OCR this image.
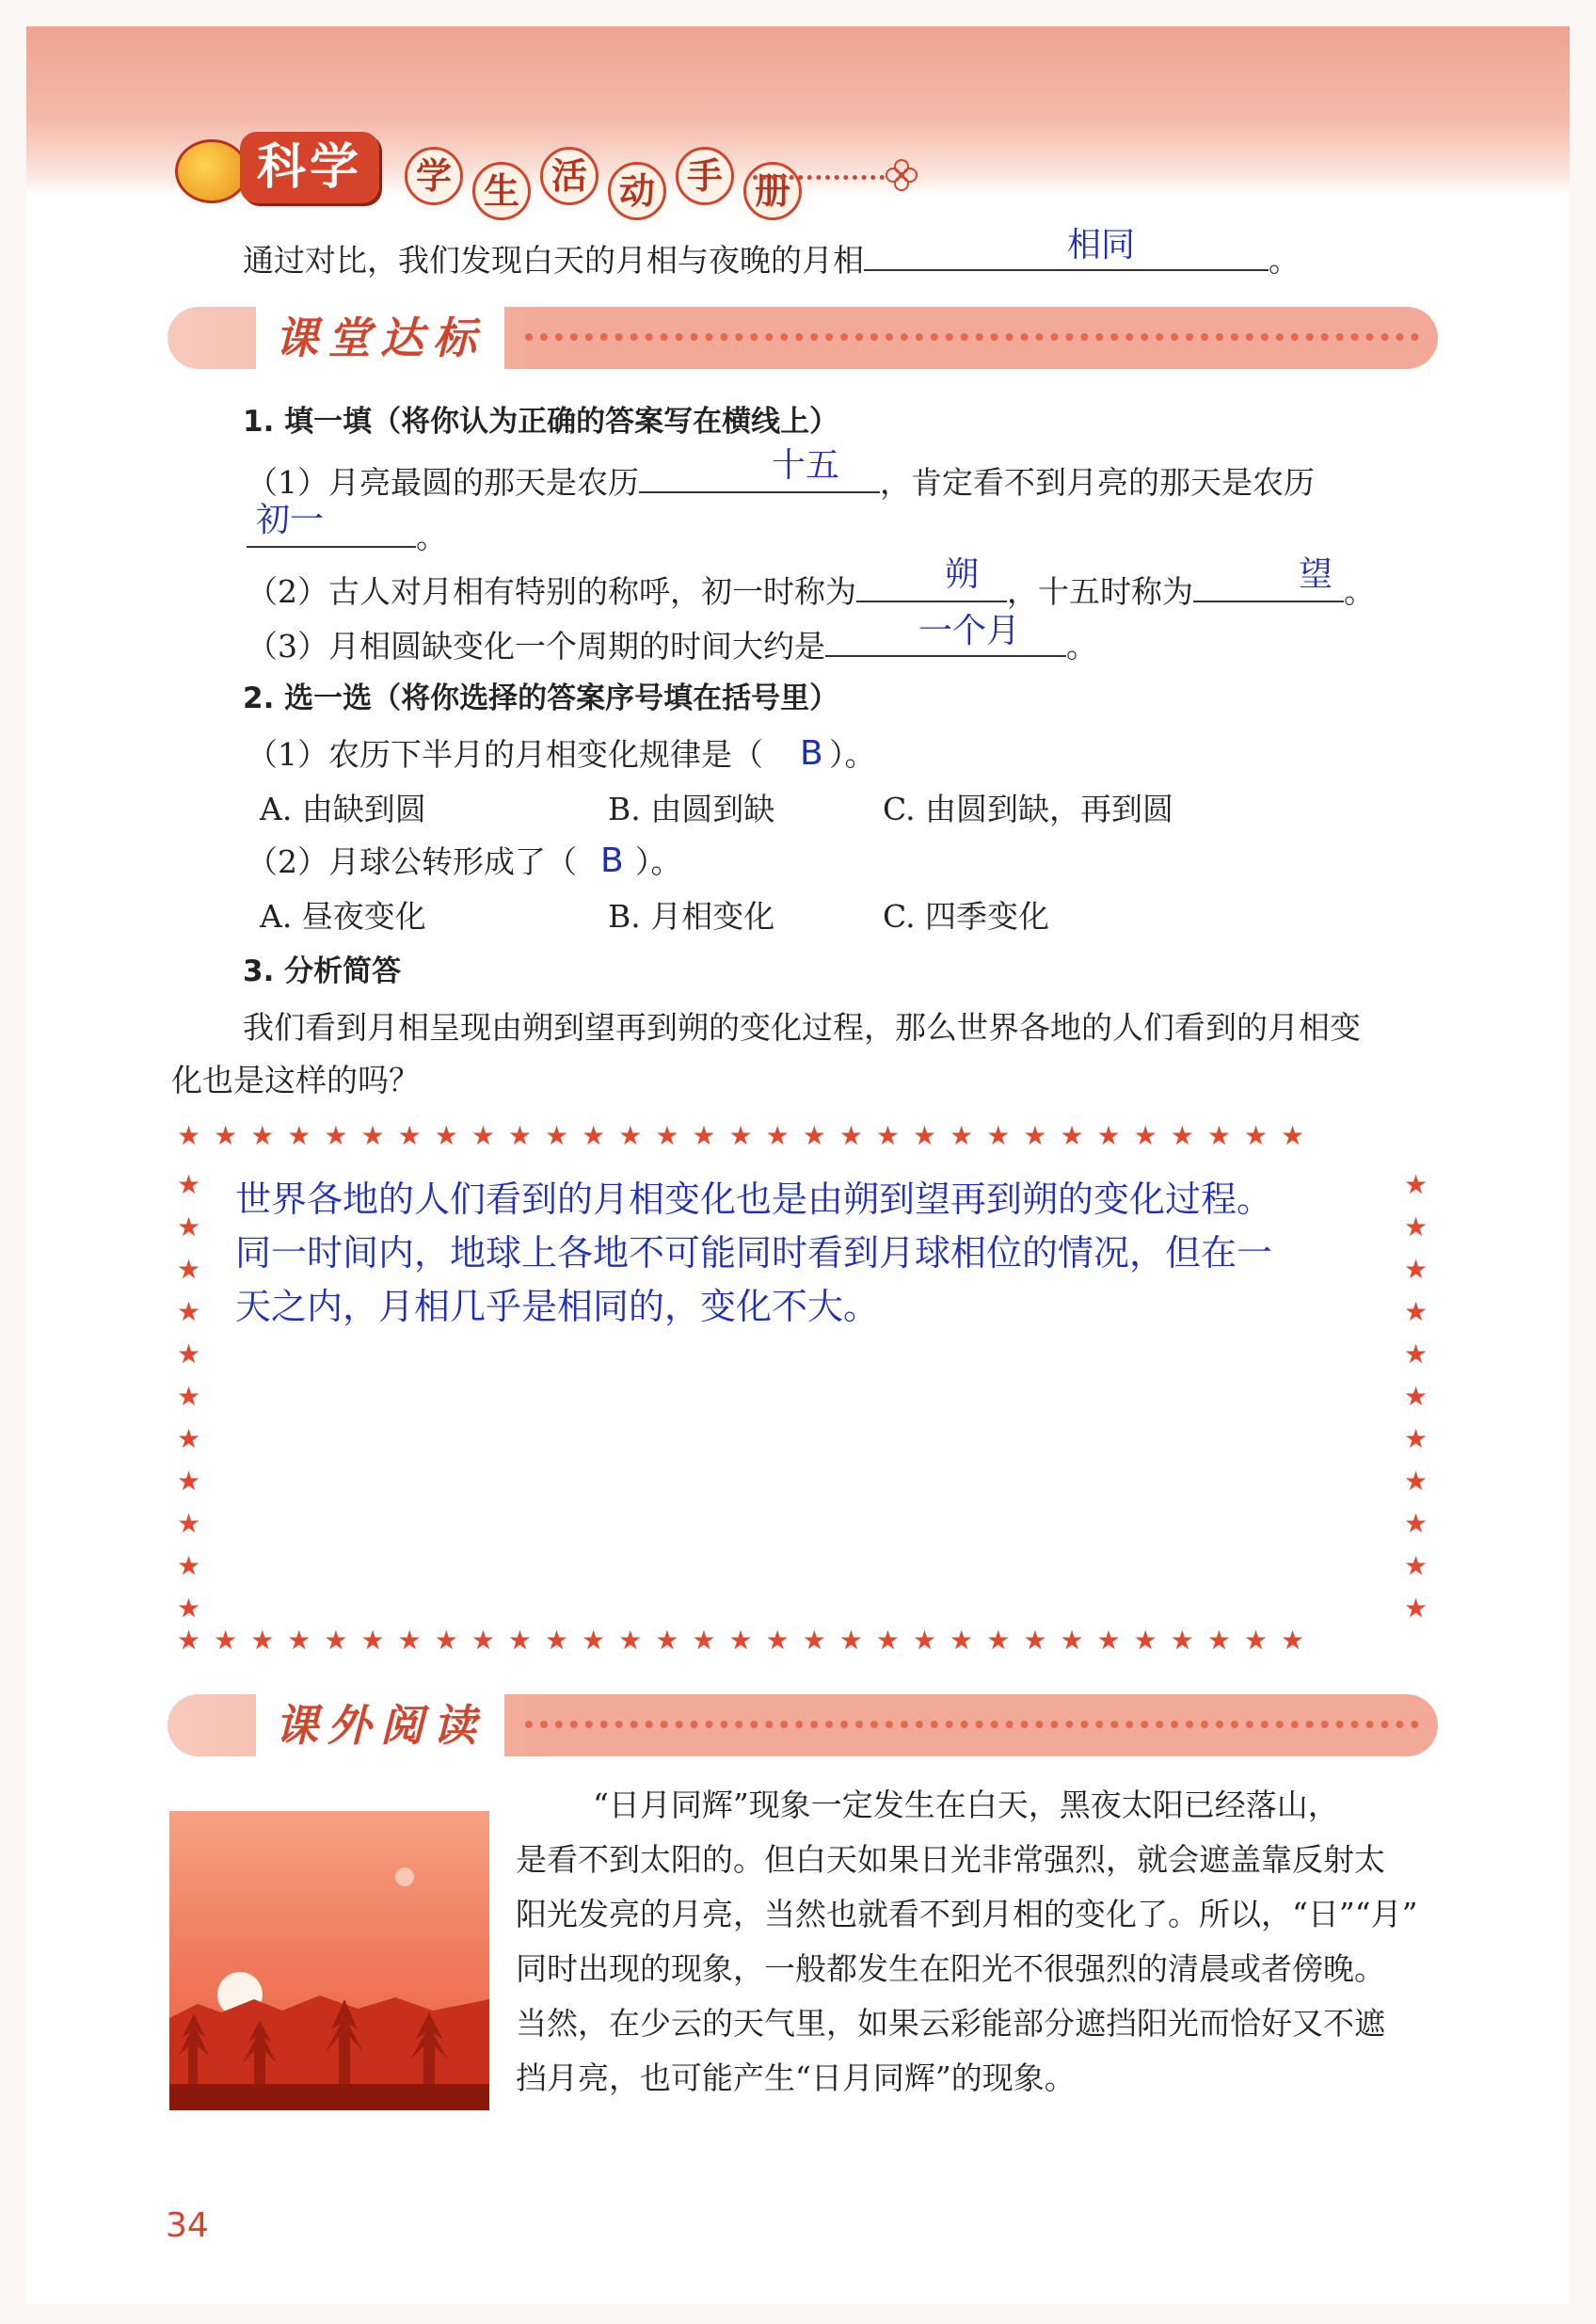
科学	学 生 活 动 手 册
通过对比，我们发现白天的月相与夜晚的月相	。
相同
课堂达标
1. 填一填（将你认为正确的答案写在横线上）
（1）月亮最圆的那天是农历	，肯定看不到月亮的那天是农历
十五
。
初一
（2）古人对月相有特别的称呼，初一时称为	，十五时称为	。
朔	望
（3）月相圆缺变化一个周期的时间大约是	。
一个月
2. 选一选（将你选择的答案序号填在括号里）
（1）农历下半月的月相变化规律是（ ）。
B
A. 由缺到圆	B. 由圆到缺	C. 由圆到缺，再到圆
（2）月球公转形成了（ ）。
B
A. 昼夜变化	B. 月相变化	C. 四季变化
3. 分析简答
我们看到月相呈现由朔到望再到朔的变化过程，那么世界各地的人们看到的月相变
化也是这样的吗？
★★★★★★★★★★★★★★★★★★★★★★★★★★★★★★★
★★★★★★★★★★★★★★★★★★★★★★★★★★★★★★★
★
★
★
★
★
★
★
★
★
★
★
★
★
★
★
★
★
★
★
★
★
★
世界各地的人们看到的月相变化也是由朔到望再到朔的变化过程。
同一时间内，地球上各地不可能同时看到月球相位的情况，但在一
天之内，月相几乎是相同的，变化不大。
课外阅读
“日月同辉”现象一定发生在白天，黑夜太阳已经落山，
是看不到太阳的。但白天如果日光非常强烈，就会遮盖靠反射太
阳光发亮的月亮，当然也就看不到月相的变化了。所以，“日”“月”
同时出现的现象，一般都发生在阳光不很强烈的清晨或者傍晚。
当然，在少云的天气里，如果云彩能部分遮挡阳光而恰好又不遮
挡月亮，也可能产生“日月同辉”的现象。
34
